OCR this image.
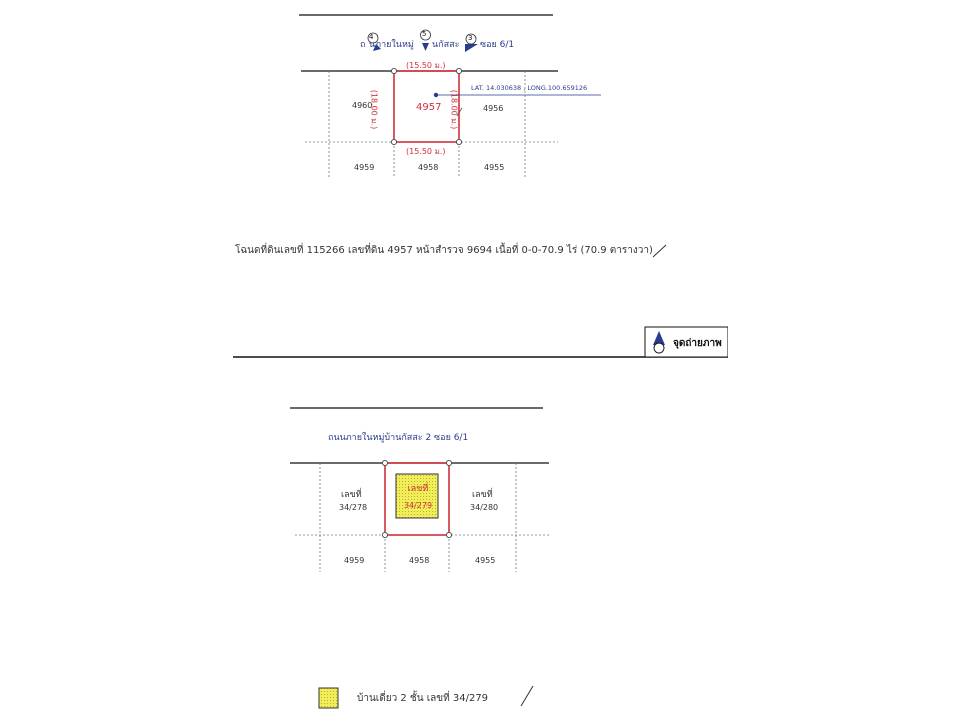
นภายในหมู่ นกัสสะ ซอย 6/1
ถ
4	5	3
(15.50 ม.)
(15.50 ม.)
(18.00 ม.)	(18.00 ม.)
4957
4960	4956
4959	4958	4955
LAT. 14.030638 , LONG.100.659126
โฉนดที่ดินเลขที่ 115266 เลขที่ดิน 4957 หน้าสำรวจ 9694 เนื้อที่ 0-0-70.9 ไร่ (70.9 ตารางวา)
จุดถ่ายภาพ
ถนนภายในหมู่บ้านกัสสะ 2 ซอย 6/1
เลขที่
34/278
เลขที่
34/280
เลขที่
34/279
4959	4958	4955
บ้านเดี่ยว 2 ชั้น เลขที่ 34/279
